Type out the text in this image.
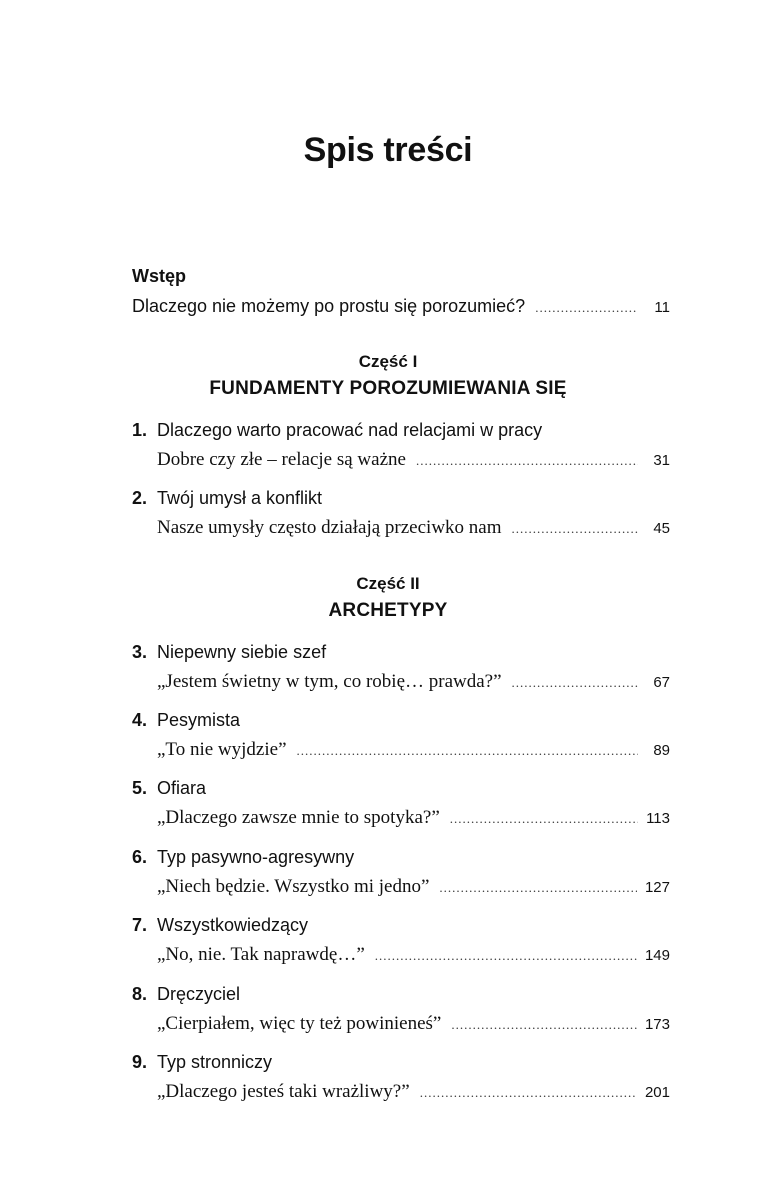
Spis treści
Wstęp
Dlaczego nie możemy po prostu się porozumieć? .....	11
Część I
FUNDAMENTY POROZUMIEWANIA SIĘ
1. Dlaczego warto pracować nad relacjami w pracy
Dobre czy złe – relacje są ważne .....	31
2. Twój umysł a konflikt
Nasze umysły często działają przeciwko nam .....	45
Część II
ARCHETYPY
3. Niepewny siebie szef
„Jestem świetny w tym, co robię… prawda?” .....	67
4. Pesymista
„To nie wyjdzie” .....	89
5. Ofiara
„Dlaczego zawsze mnie to spotyka?” .....	113
6. Typ pasywno-agresywny
„Niech będzie. Wszystko mi jedno” .....	127
7. Wszystkowiedzący
„No, nie. Tak naprawdę…” .....	149
8. Dręczyciel
„Cierpiałem, więc ty też powinieneś” .....	173
9. Typ stronniczy
„Dlaczego jesteś taki wrażliwy?” .....	201
